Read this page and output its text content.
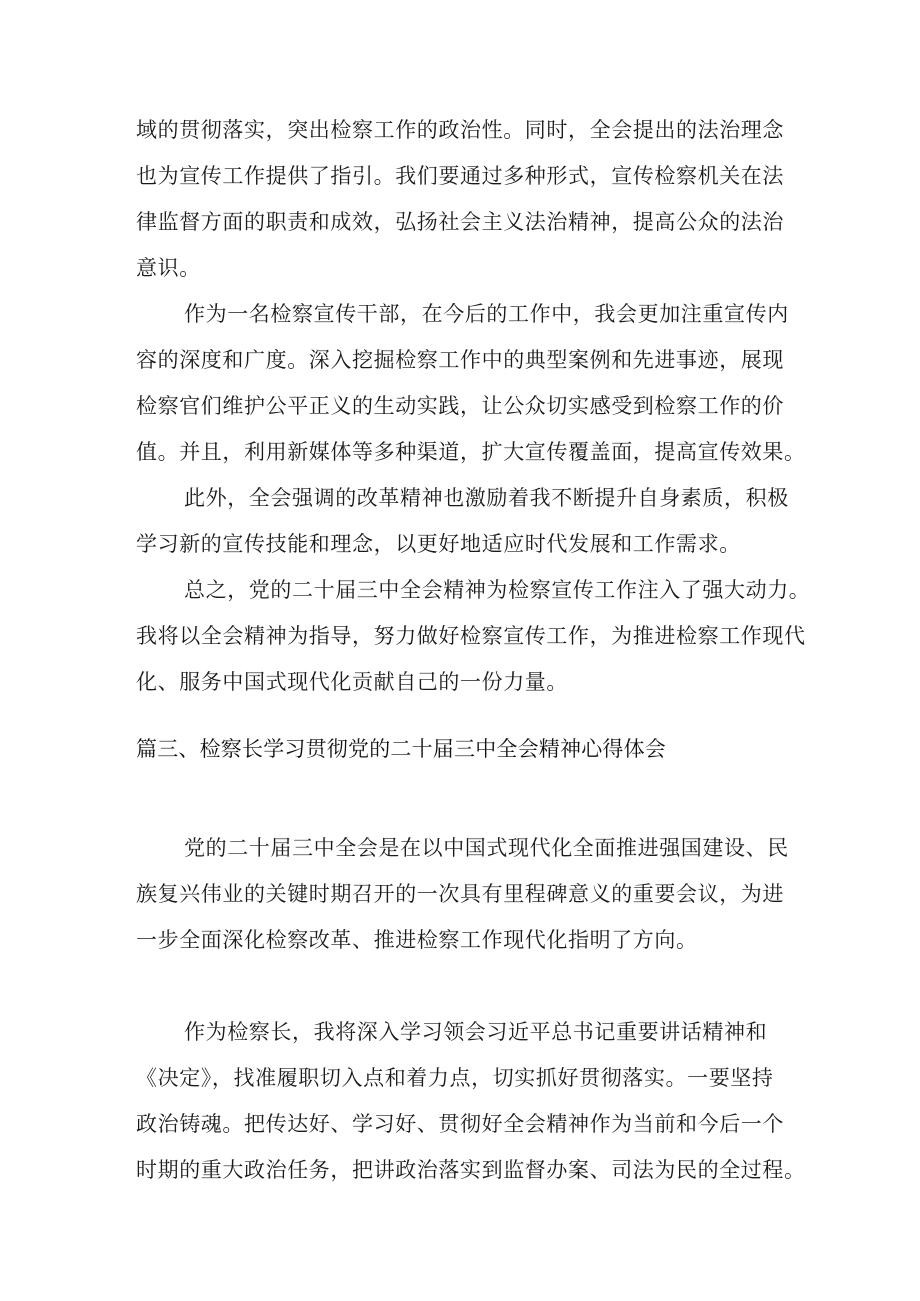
域的贯彻落实，突出检察工作的政治性。同时，全会提出的法治理念
也为宣传工作提供了指引。我们要通过多种形式，宣传检察机关在法
律监督方面的职责和成效，弘扬社会主义法治精神，提高公众的法治
意识。
作为一名检察宣传干部，在今后的工作中，我会更加注重宣传内
容的深度和广度。深入挖掘检察工作中的典型案例和先进事迹，展现
检察官们维护公平正义的生动实践，让公众切实感受到检察工作的价
值。并且，利用新媒体等多种渠道，扩大宣传覆盖面，提高宣传效果。
此外，全会强调的改革精神也激励着我不断提升自身素质，积极
学习新的宣传技能和理念，以更好地适应时代发展和工作需求。
总之，党的二十届三中全会精神为检察宣传工作注入了强大动力。
我将以全会精神为指导，努力做好检察宣传工作，为推进检察工作现代
化、服务中国式现代化贡献自己的一份力量。
篇三、检察长学习贯彻党的二十届三中全会精神心得体会
党的二十届三中全会是在以中国式现代化全面推进强国建设、民
族复兴伟业的关键时期召开的一次具有里程碑意义的重要会议，为进
一步全面深化检察改革、推进检察工作现代化指明了方向。
作为检察长，我将深入学习领会习近平总书记重要讲话精神和
《决定》，找准履职切入点和着力点，切实抓好贯彻落实。一要坚持
政治铸魂。把传达好、学习好、贯彻好全会精神作为当前和今后一个
时期的重大政治任务，把讲政治落实到监督办案、司法为民的全过程。
